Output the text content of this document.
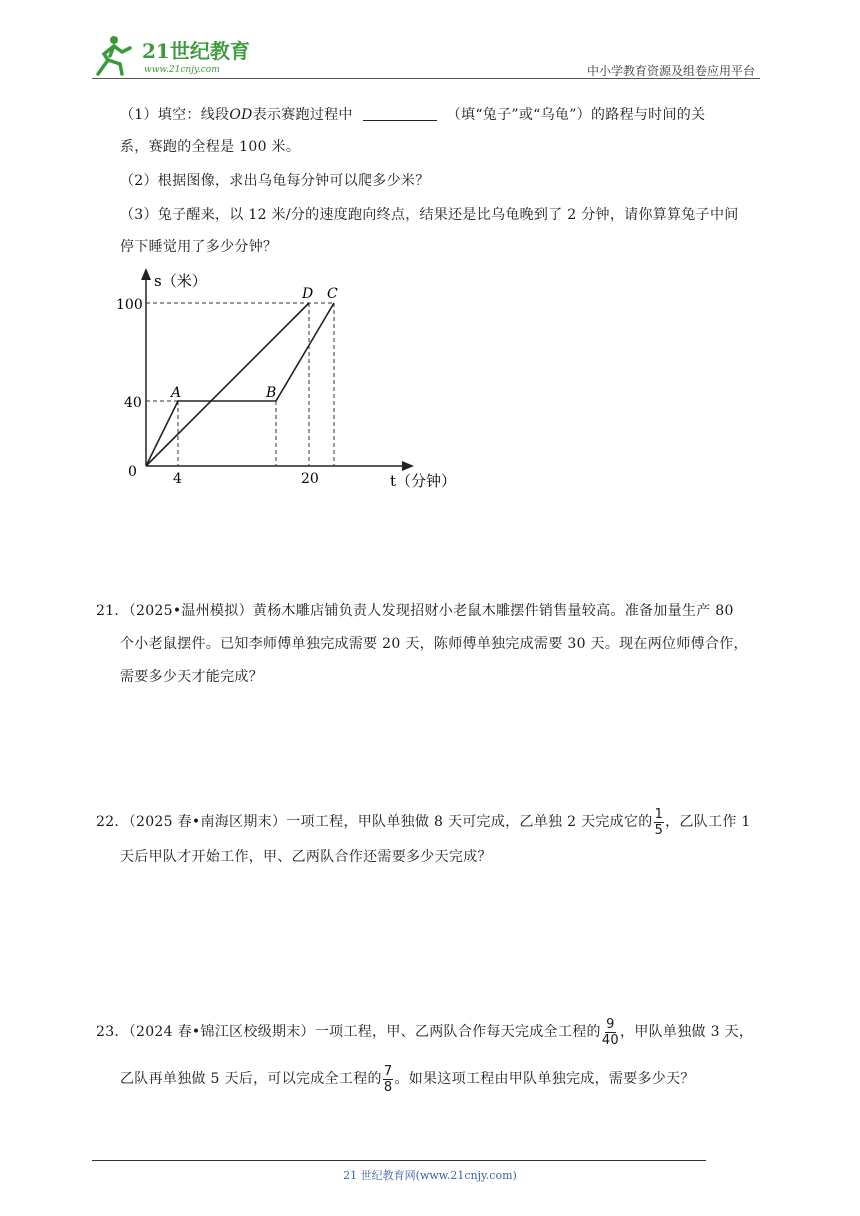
21世纪教育
www.21cnjy.com	中小学教育资源及组卷应用平台
（1）填空：线段OD表示赛跑过程中	（填“兔子”或“乌龟”）的路程与时间的关
系，赛跑的全程是 100 米。
（2）根据图像，求出乌龟每分钟可以爬多少米？
（3）兔子醒来，以 12 米/分的速度跑向终点，结果还是比乌龟晚到了 2 分钟，请你算算兔子中间
停下睡觉用了多少分钟？
s（米）
t（分钟）
0
100
40
4	20
A	B
D C
21．（2025•温州模拟）黄杨木雕店铺负责人发现招财小老鼠木雕摆件销售量较高。准备加量生产 80
个小老鼠摆件。已知李师傅单独完成需要 20 天，陈师傅单独完成需要 30 天。现在两位师傅合作，
需要多少天才能完成？
22．（2025 春•南海区期末）一项工程，甲队单独做 8 天可完成，乙单独 2 天完成它的 $\frac{1}{5}$ ，乙队工作 1
天后甲队才开始工作，甲、乙两队合作还需要多少天完成？
23．（2024 春•锦江区校级期末）一项工程，甲、乙两队合作每天完成全工程的 $\frac{9}{40}$ ，甲队单独做 3 天，
乙队再单独做 5 天后，可以完成全工程的 $\frac{7}{8}$ 。如果这项工程由甲队单独完成，需要多少天？
21 世纪教育网(www.21cnjy.com)
